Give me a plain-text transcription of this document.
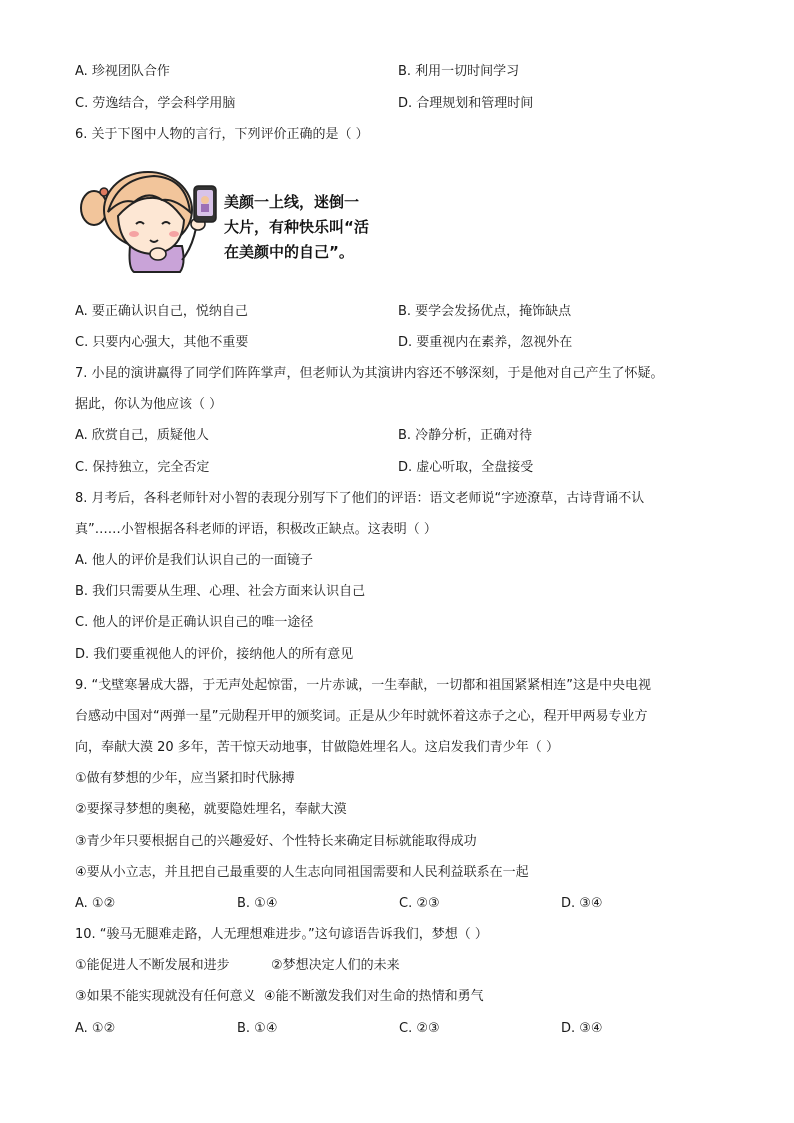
A. 珍视团队合作	B. 利用一切时间学习
C. 劳逸结合，学会科学用脑	D. 合理规划和管理时间
6. 关于下图中人物的言行，下列评价正确的是（ ）
美颜一上线，迷倒一
大片，有种快乐叫“活
在美颜中的自己”。
A. 要正确认识自己，悦纳自己	B. 要学会发扬优点，掩饰缺点
C. 只要内心强大，其他不重要	D. 要重视内在素养，忽视外在
7. 小昆的演讲赢得了同学们阵阵掌声，但老师认为其演讲内容还不够深刻，于是他对自己产生了怀疑。
据此，你认为他应该（ ）
A. 欣赏自己，质疑他人	B. 冷静分析，正确对待
C. 保持独立，完全否定	D. 虚心听取，全盘接受
8. 月考后，各科老师针对小智的表现分别写下了他们的评语：语文老师说“字迹潦草，古诗背诵不认
真”……小智根据各科老师的评语，积极改正缺点。这表明（ ）
A. 他人的评价是我们认识自己的一面镜子
B. 我们只需要从生理、心理、社会方面来认识自己
C. 他人的评价是正确认识自己的唯一途径
D. 我们要重视他人的评价，接纳他人的所有意见
9. “戈壁寒暑成大器，于无声处起惊雷，一片赤诚，一生奉献，一切都和祖国紧紧相连”这是中央电视
台感动中国对“两弹一星”元勋程开甲的颁奖词。正是从少年时就怀着这赤子之心，程开甲两易专业方
向，奉献大漠 20 多年，苦干惊天动地事，甘做隐姓埋名人。这启发我们青少年（ ）
①做有梦想的少年，应当紧扣时代脉搏
②要探寻梦想的奥秘，就要隐姓埋名，奉献大漠
③青少年只要根据自己的兴趣爱好、个性特长来确定目标就能取得成功
④要从小立志，并且把自己最重要的人生志向同祖国需要和人民利益联系在一起
A. ①②	B. ①④	C. ②③	D. ③④
10. “骏马无腿难走路，人无理想难进步。”这句谚语告诉我们，梦想（ ）
①能促进人不断发展和进步          ②梦想决定人们的未来
③如果不能实现就没有任何意义  ④能不断激发我们对生命的热情和勇气
A. ①②	B. ①④	C. ②③	D. ③④
